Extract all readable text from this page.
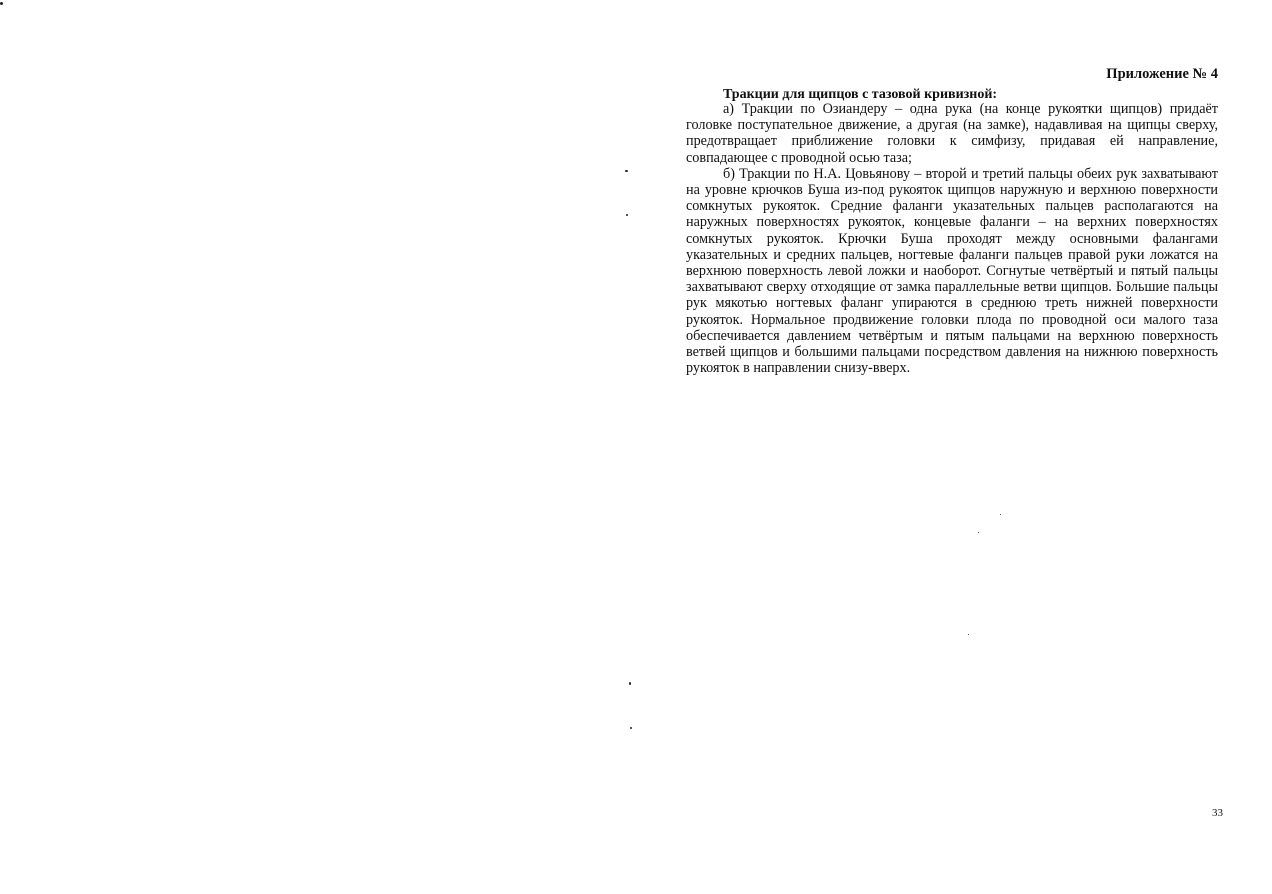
Приложение № 4
Тракции для щипцов с тазовой кривизной:

а) Тракции по Озиандеру – одна рука (на конце рукоятки щипцов) придаёт головке поступательное движение, а другая (на замке), надавливая на щипцы сверху, предотвращает приближение головки к симфизу, придавая ей направление, совпадающее с проводной осью таза;

б) Тракции по Н.А. Цовьянову – второй и третий пальцы обеих рук захватывают на уровне крючков Буша из-под рукояток щипцов наружную и верхнюю поверхности сомкнутых рукояток. Средние фаланги указательных пальцев располагаются на наружных поверхностях рукояток, концевые фаланги – на верхних поверхностях сомкнутых рукояток. Крючки Буша проходят между основными фалангами указательных и средних пальцев, ногтевые фаланги пальцев правой руки ложатся на верхнюю поверхность левой ложки и наоборот. Согнутые четвёртый и пятый пальцы захватывают сверху отходящие от замка параллельные ветви щипцов. Большие пальцы рук мякотью ногтевых фаланг упираются в среднюю треть нижней поверхности рукояток. Нормальное продвижение головки плода по проводной оси малого таза обеспечивается давлением четвёртым и пятым пальцами на верхнюю поверхность ветвей щипцов и большими пальцами посредством давления на нижнюю поверхность рукояток в направлении снизу-вверх.

33
